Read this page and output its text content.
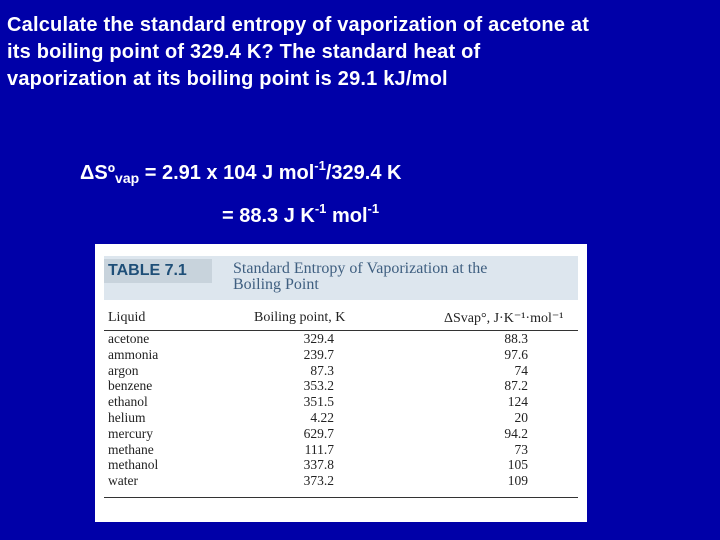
Calculate the standard entropy of vaporization of acetone at
its boiling point of 329.4 K? The standard heat of
vaporization at its boiling point is 29.1 kJ/mol
ΔSº$_{vap}$ = 2.91 x 104 J mol$^{-1}$/329.4 K
= 88.3 J $K^{-1}$ mol$^{-1}$
TABLE 7.1	Standard Entropy of Vaporization at the
Boiling Point
Liquid	Boiling point, K	ΔSvap°, J·K⁻¹·mol⁻¹
acetone	329.4	88.3
ammonia	239.7	97.6
argon	87.3	74
benzene	353.2	87.2
ethanol	351.5	124
helium	4.22	20
mercury	629.7	94.2
methane	111.7	73
methanol	337.8	105
water	373.2	109
